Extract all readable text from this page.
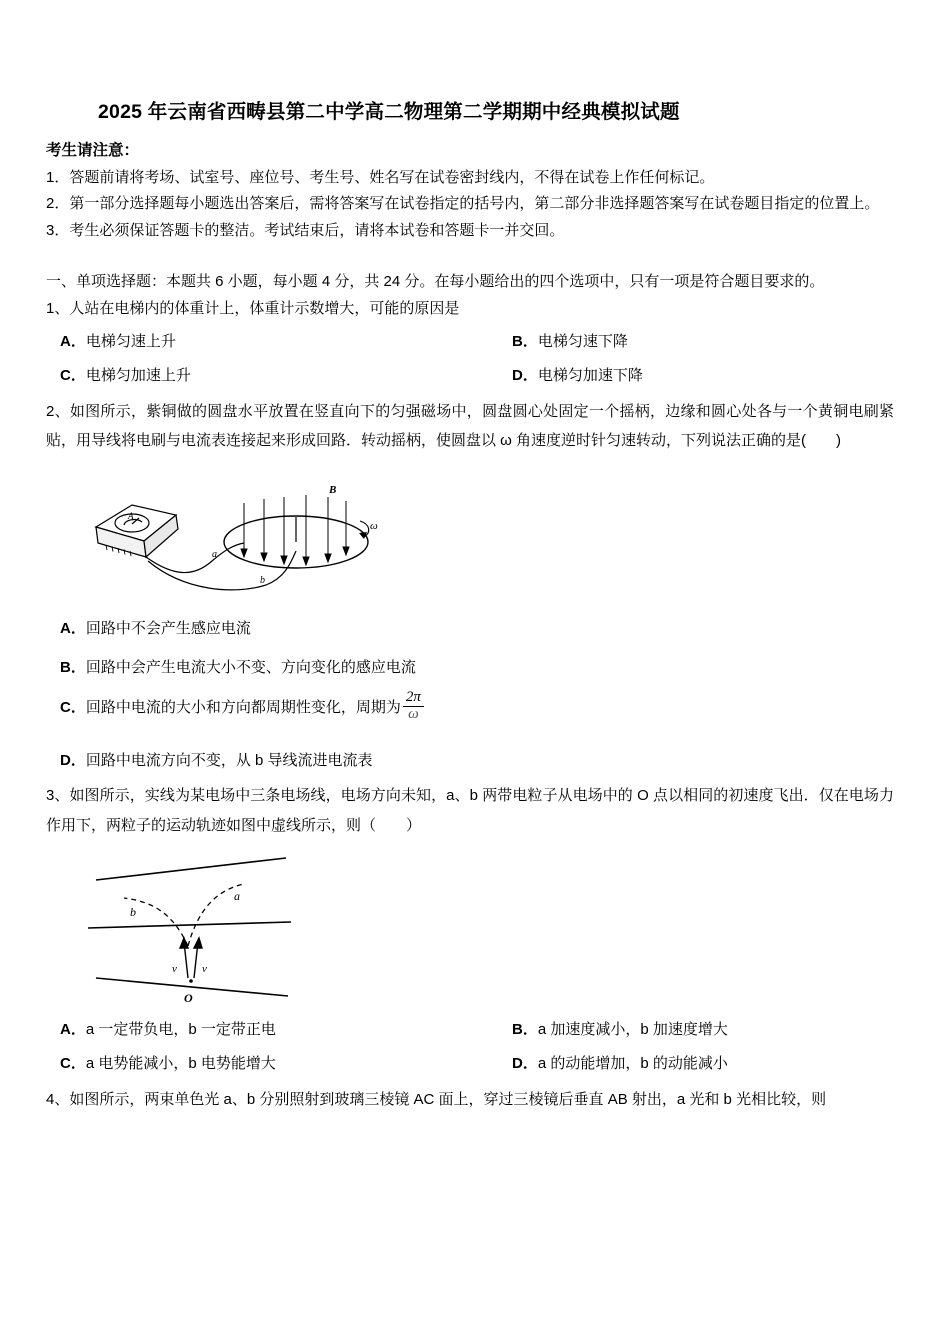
2025 年云南省西畴县第二中学高二物理第二学期期中经典模拟试题
考生请注意：

1．答题前请将考场、试室号、座位号、考生号、姓名写在试卷密封线内，不得在试卷上作任何标记。

2．第一部分选择题每小题选出答案后，需将答案写在试卷指定的括号内，第二部分非选择题答案写在试卷题目指定的位置上。

3．考生必须保证答题卡的整洁。考试结束后，请将本试卷和答题卡一并交回。

一、单项选择题：本题共 6 小题，每小题 4 分，共 24 分。在每小题给出的四个选项中，只有一项是符合题目要求的。
1、人站在电梯内的体重计上，体重计示数增大，可能的原因是
A．电梯匀速上升	B．电梯匀速下降
C．电梯匀加速上升	D．电梯匀加速下降
2、如图所示，紫铜做的圆盘水平放置在竖直向下的匀强磁场中，圆盘圆心处固定一个摇柄，边缘和圆心处各与一个黄铜电刷紧贴，用导线将电刷与电流表连接起来形成回路．转动摇柄，使圆盘以 ω 角速度逆时针匀速转动，下列说法正确的是(　　)
A
B
ω
a
b
A．回路中不会产生感应电流
B．回路中会产生电流大小不变、方向变化的感应电流
C．回路中电流的大小和方向都周期性变化，周期为 $\frac{2\pi}{\omega}$
D．回路中电流方向不变，从 b 导线流进电流表
3、如图所示，实线为某电场中三条电场线，电场方向未知，a、b 两带电粒子从电场中的 O 点以相同的初速度飞出．仅在电场力作用下，两粒子的运动轨迹如图中虚线所示，则（　　）
a
b
v v
O
A．a 一定带负电，b 一定带正电	B．a 加速度减小，b 加速度增大
C．a 电势能减小，b 电势能增大	D．a 的动能增加，b 的动能减小
4、如图所示，两束单色光 a、b 分别照射到玻璃三棱镜 AC 面上，穿过三棱镜后垂直 AB 射出，a 光和 b 光相比较，则
